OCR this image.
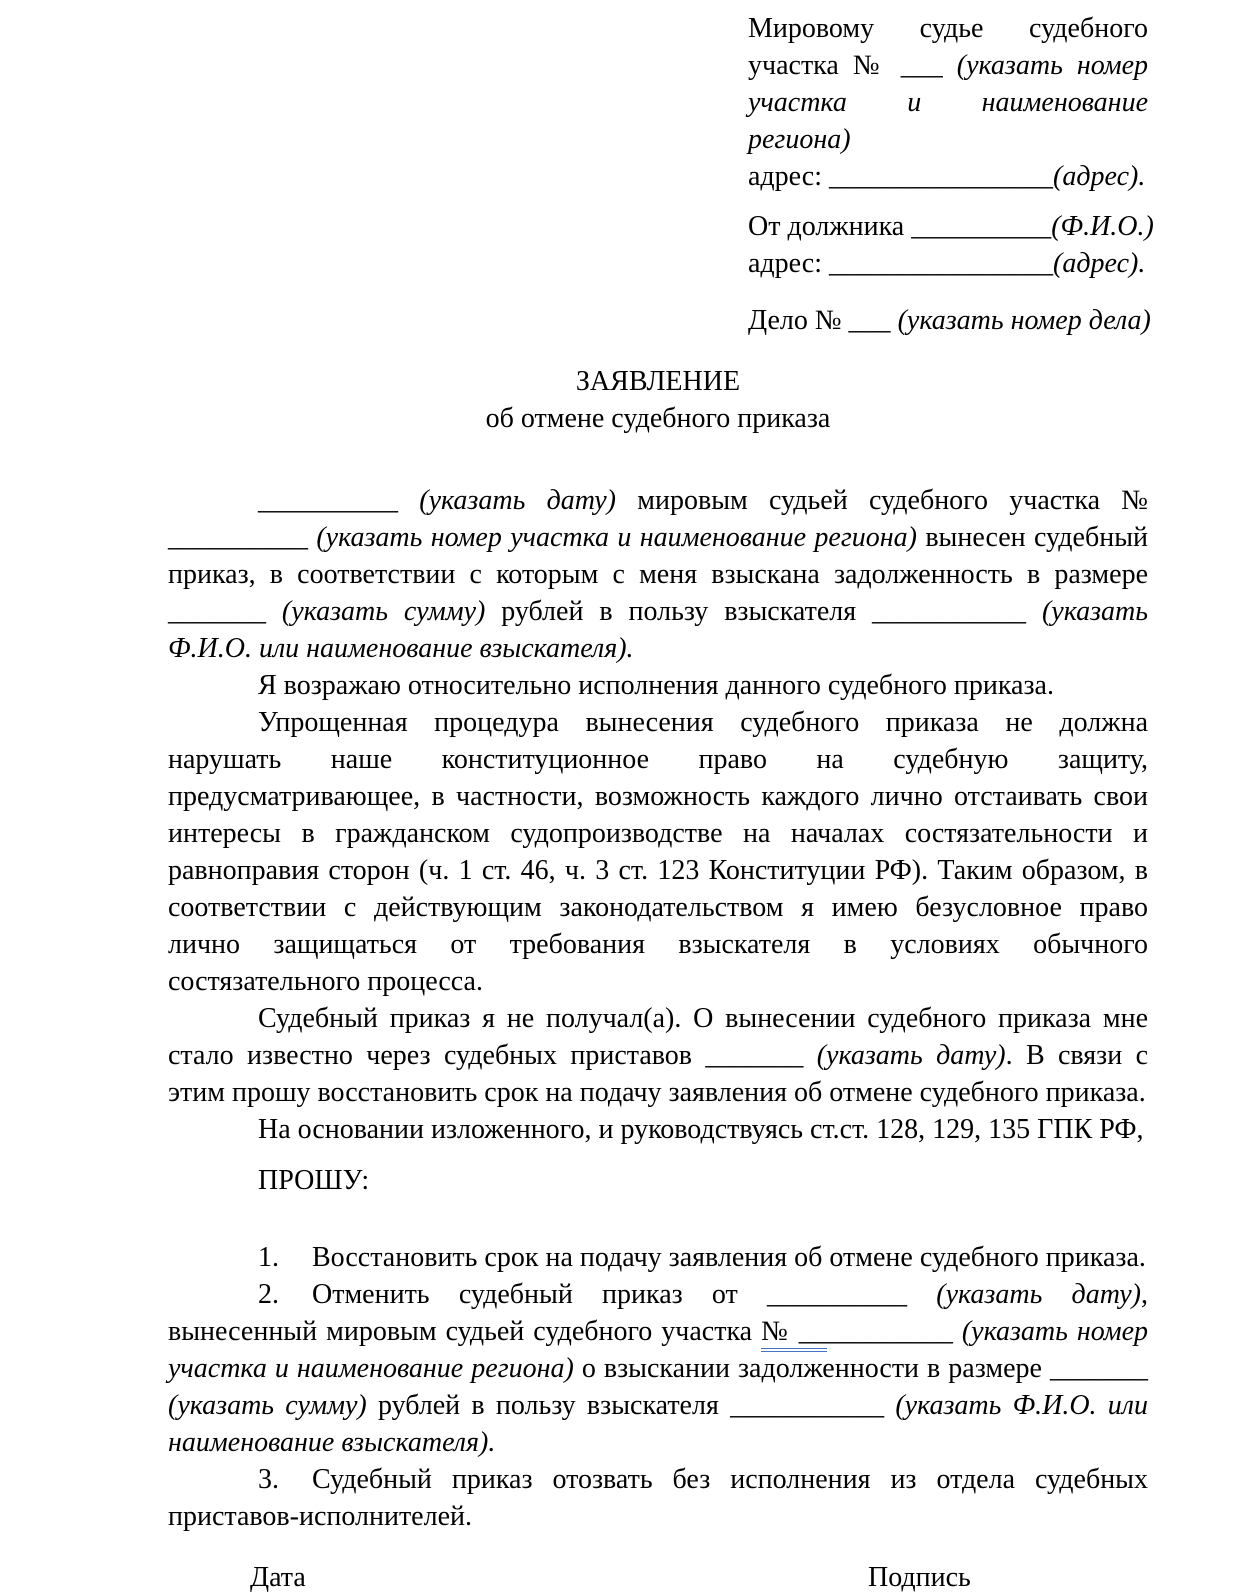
Мировому судье судебного
участка № ___ (указать номер
участка и наименование региона)
адрес: ________________(адрес).
От должника __________(Ф.И.О.)
адрес: ________________(адрес).
Дело № ___ (указать номер дела)
ЗАЯВЛЕНИЕ
об отмене судебного приказа

__________ (указать дату) мировым судьей судебного участка № __________ (указать номер участка и наименование региона) вынесен судебный приказ, в соответствии с которым с меня взыскана задолженность в размере _______ (указать сумму) рублей в пользу взыскателя ___________ (указать Ф.И.О. или наименование взыскателя).

Я возражаю относительно исполнения данного судебного приказа.

Упрощенная процедура вынесения судебного приказа не должна нарушать наше конституционное право на судебную защиту, предусматривающее, в частности, возможность каждого лично отстаивать свои интересы в гражданском судопроизводстве на началах состязательности и равноправия сторон (ч. 1 ст. 46, ч. 3 ст. 123 Конституции РФ). Таким образом, в соответствии с действующим законодательством я имею безусловное право лично защищаться от требования взыскателя в условиях обычного состязательного процесса.

Судебный приказ я не получал(а). О вынесении судебного приказа мне стало известно через судебных приставов _______ (указать дату). В связи с этим прошу восстановить срок на подачу заявления об отмене судебного приказа.

На основании изложенного, и руководствуясь ст.ст. 128, 129, 135 ГПК РФ,

ПРОШУ:
1. Восстановить срок на подачу заявления об отмене судебного приказа.
2. Отменить судебный приказ от __________ (указать дату), вынесенный мировым судьей судебного участка № ___________ (указать номер участка и наименование региона) о взыскании задолженности в размере _______ (указать сумму) рублей в пользу взыскателя ___________ (указать Ф.И.О. или наименование взыскателя).
3. Судебный приказ отозвать без исполнения из отдела судебных приставов-исполнителей.
Дата	Подпись
